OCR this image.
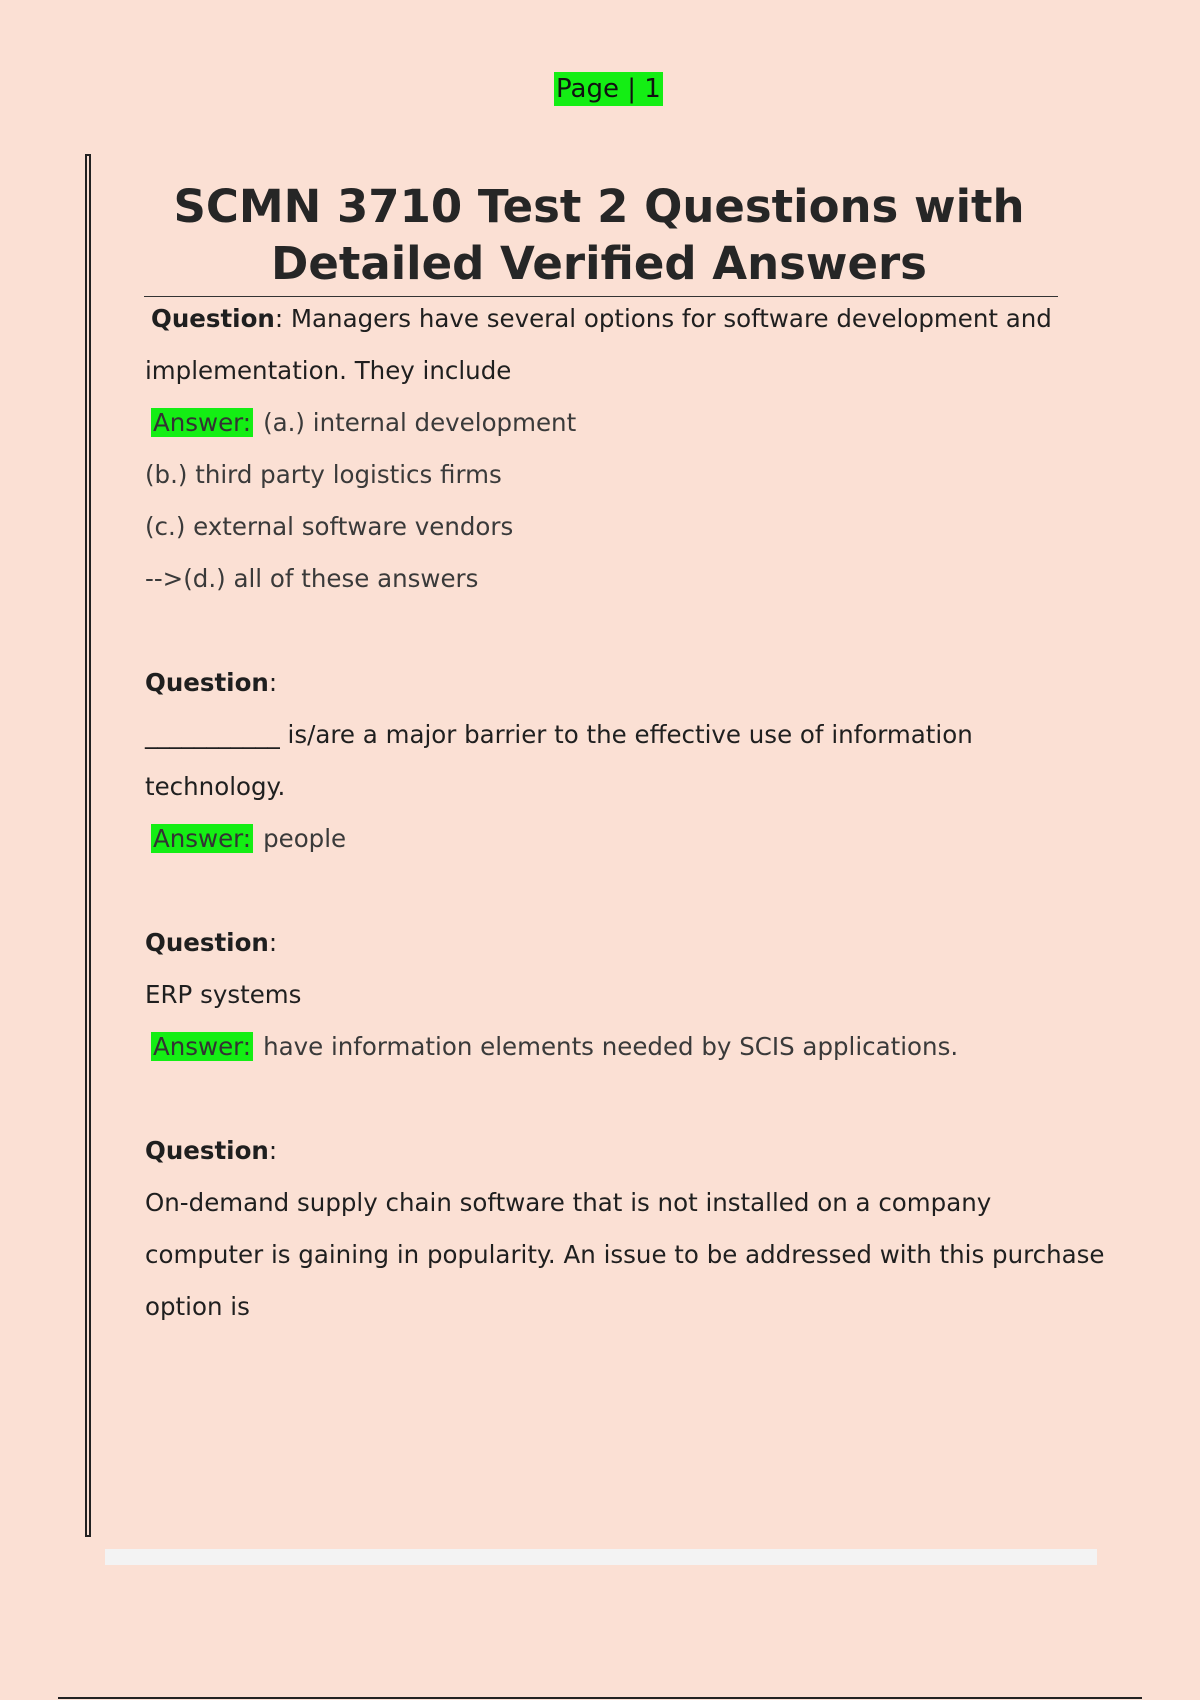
Page | 1
SCMN 3710 Test 2 Questions with Detailed Verified Answers
Question: Managers have several options for software development and
implementation. They include
Answer: (a.) internal development
(b.) third party logistics firms
(c.) external software vendors
-->(d.) all of these answers
Question:
___________ is/are a major barrier to the effective use of information
technology.
Answer: people
Question:
ERP systems
Answer: have information elements needed by SCIS applications.
Question:
On-demand supply chain software that is not installed on a company
computer is gaining in popularity. An issue to be addressed with this purchase
option is
